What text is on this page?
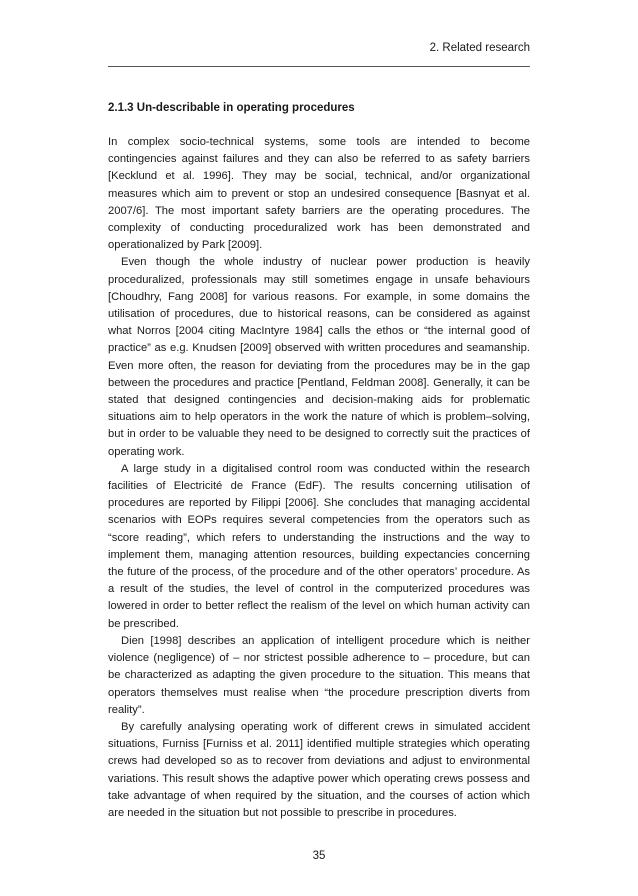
2. Related research
2.1.3 Un-describable in operating procedures

In complex socio-technical systems, some tools are intended to become contingencies against failures and they can also be referred to as safety barriers [Kecklund et al. 1996]. They may be social, technical, and/or organizational measures which aim to prevent or stop an undesired consequence [Basnyat et al. 2007/6]. The most important safety barriers are the operating procedures. The complexity of conducting proceduralized work has been demonstrated and operationalized by Park [2009].

Even though the whole industry of nuclear power production is heavily proceduralized, professionals may still sometimes engage in unsafe behaviours [Choudhry, Fang 2008] for various reasons. For example, in some domains the utilisation of procedures, due to historical reasons, can be considered as against what Norros [2004 citing MacIntyre 1984] calls the ethos or “the internal good of practice” as e.g. Knudsen [2009] observed with written procedures and seamanship. Even more often, the reason for deviating from the procedures may be in the gap between the procedures and practice [Pentland, Feldman 2008]. Generally, it can be stated that designed contingencies and decision-making aids for problematic situations aim to help operators in the work the nature of which is problem–solving, but in order to be valuable they need to be designed to correctly suit the practices of operating work.

A large study in a digitalised control room was conducted within the research facilities of Electricité de France (EdF). The results concerning utilisation of procedures are reported by Filippi [2006]. She concludes that managing accidental scenarios with EOPs requires several competencies from the operators such as “score reading”, which refers to understanding the instructions and the way to implement them, managing attention resources, building expectancies concerning the future of the process, of the procedure and of the other operators’ procedure. As a result of the studies, the level of control in the computerized procedures was lowered in order to better reflect the realism of the level on which human activity can be prescribed.

Dien [1998] describes an application of intelligent procedure which is neither violence (negligence) of – nor strictest possible adherence to – procedure, but can be characterized as adapting the given procedure to the situation. This means that operators themselves must realise when “the procedure prescription diverts from reality”.

By carefully analysing operating work of different crews in simulated accident situations, Furniss [Furniss et al. 2011] identified multiple strategies which operating crews had developed so as to recover from deviations and adjust to environmental variations. This result shows the adaptive power which operating crews possess and take advantage of when required by the situation, and the courses of action which are needed in the situation but not possible to prescribe in procedures.

35
